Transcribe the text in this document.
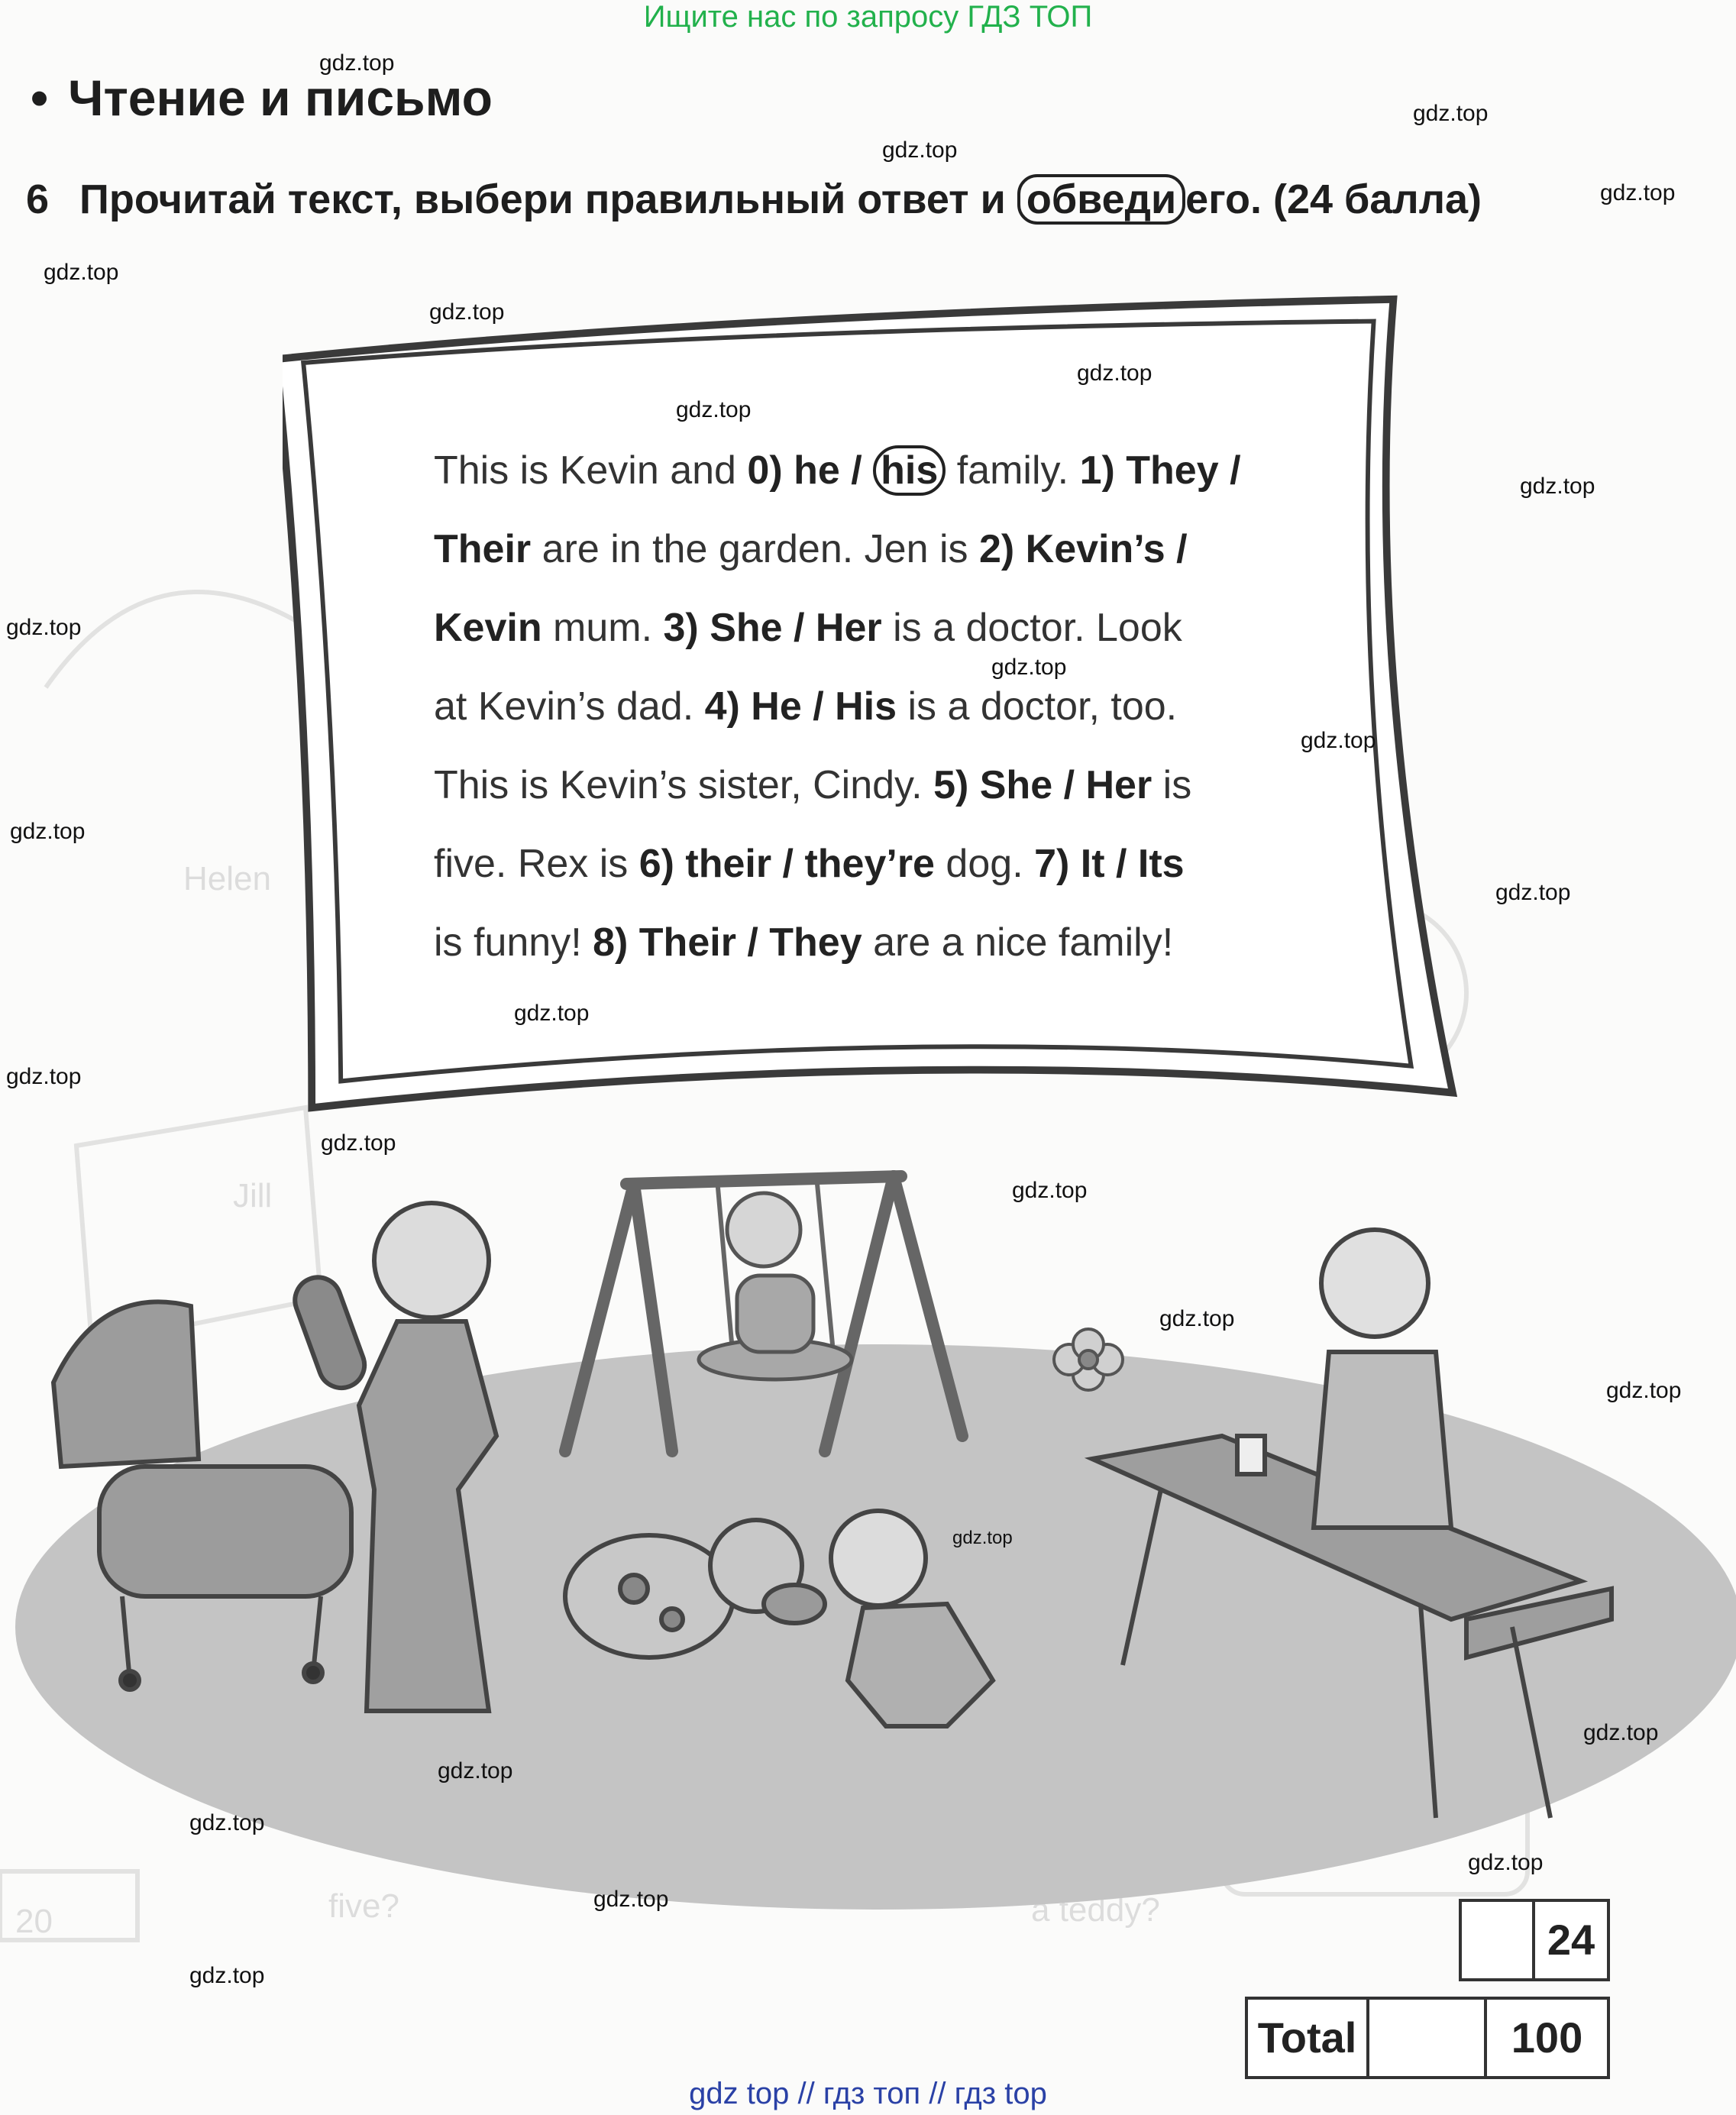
Helen
Jill
a teddy?
five?
20
Ищите нас по запросу ГДЗ ТОП
• Чтение и письмо
6 Прочитай текст, выбери правильный ответ и обведи его. (24 балла)
This is Kevin and 0) he / his family. 1) They /
Their are in the garden. Jen is 2) Kevin’s /
Kevin mum. 3) She / Her is a doctor. Look
at Kevin’s dad. 4) He / His is a doctor, too.
This is Kevin’s sister, Cindy. 5) She / Her is
five. Rex is 6) their / they’re dog. 7) It / Its
is funny! 8) Their / They are a nice family!
gdz.top
gdz.top
gdz.top
gdz.top
gdz.top
gdz.top
gdz.top
gdz.top
gdz.top
gdz.top
gdz.top
gdz.top
gdz.top
gdz.top
gdz.top
gdz.top
gdz.top
gdz.top
gdz.top
gdz.top
gdz.top
gdz.top
gdz.top
gdz.top
gdz.top
gdz.top
gdz.top
24
Total	100
gdz top // гдз топ // гдз top
